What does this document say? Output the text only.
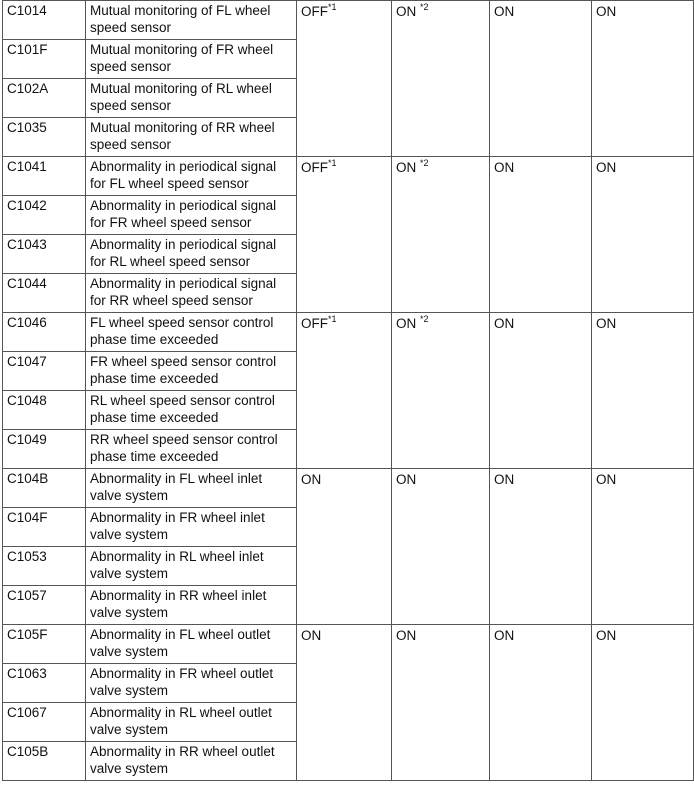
C1014	Mutual monitoring of FL wheel speed sensor	OFF$^{*1}$	ON $^{*2}$	ON	ON
C101F	Mutual monitoring of FR wheel speed sensor				
C102A	Mutual monitoring of RL wheel speed sensor				
C1035	Mutual monitoring of RR wheel speed sensor				
C1041	Abnormality in periodical signal for FL wheel speed sensor	OFF$^{*1}$	ON $^{*2}$	ON	ON
C1042	Abnormality in periodical signal for FR wheel speed sensor				
C1043	Abnormality in periodical signal for RL wheel speed sensor				
C1044	Abnormality in periodical signal for RR wheel speed sensor				
C1046	FL wheel speed sensor control phase time exceeded	OFF$^{*1}$	ON $^{*2}$	ON	ON
C1047	FR wheel speed sensor control phase time exceeded				
C1048	RL wheel speed sensor control phase time exceeded				
C1049	RR wheel speed sensor control phase time exceeded				
C104B	Abnormality in FL wheel inlet valve system	ON	ON	ON	ON
C104F	Abnormality in FR wheel inlet valve system				
C1053	Abnormality in RL wheel inlet valve system				
C1057	Abnormality in RR wheel inlet valve system				
C105F	Abnormality in FL wheel outlet valve system	ON	ON	ON	ON
C1063	Abnormality in FR wheel outlet valve system				
C1067	Abnormality in RL wheel outlet valve system				
C105B	Abnormality in RR wheel outlet valve system				
